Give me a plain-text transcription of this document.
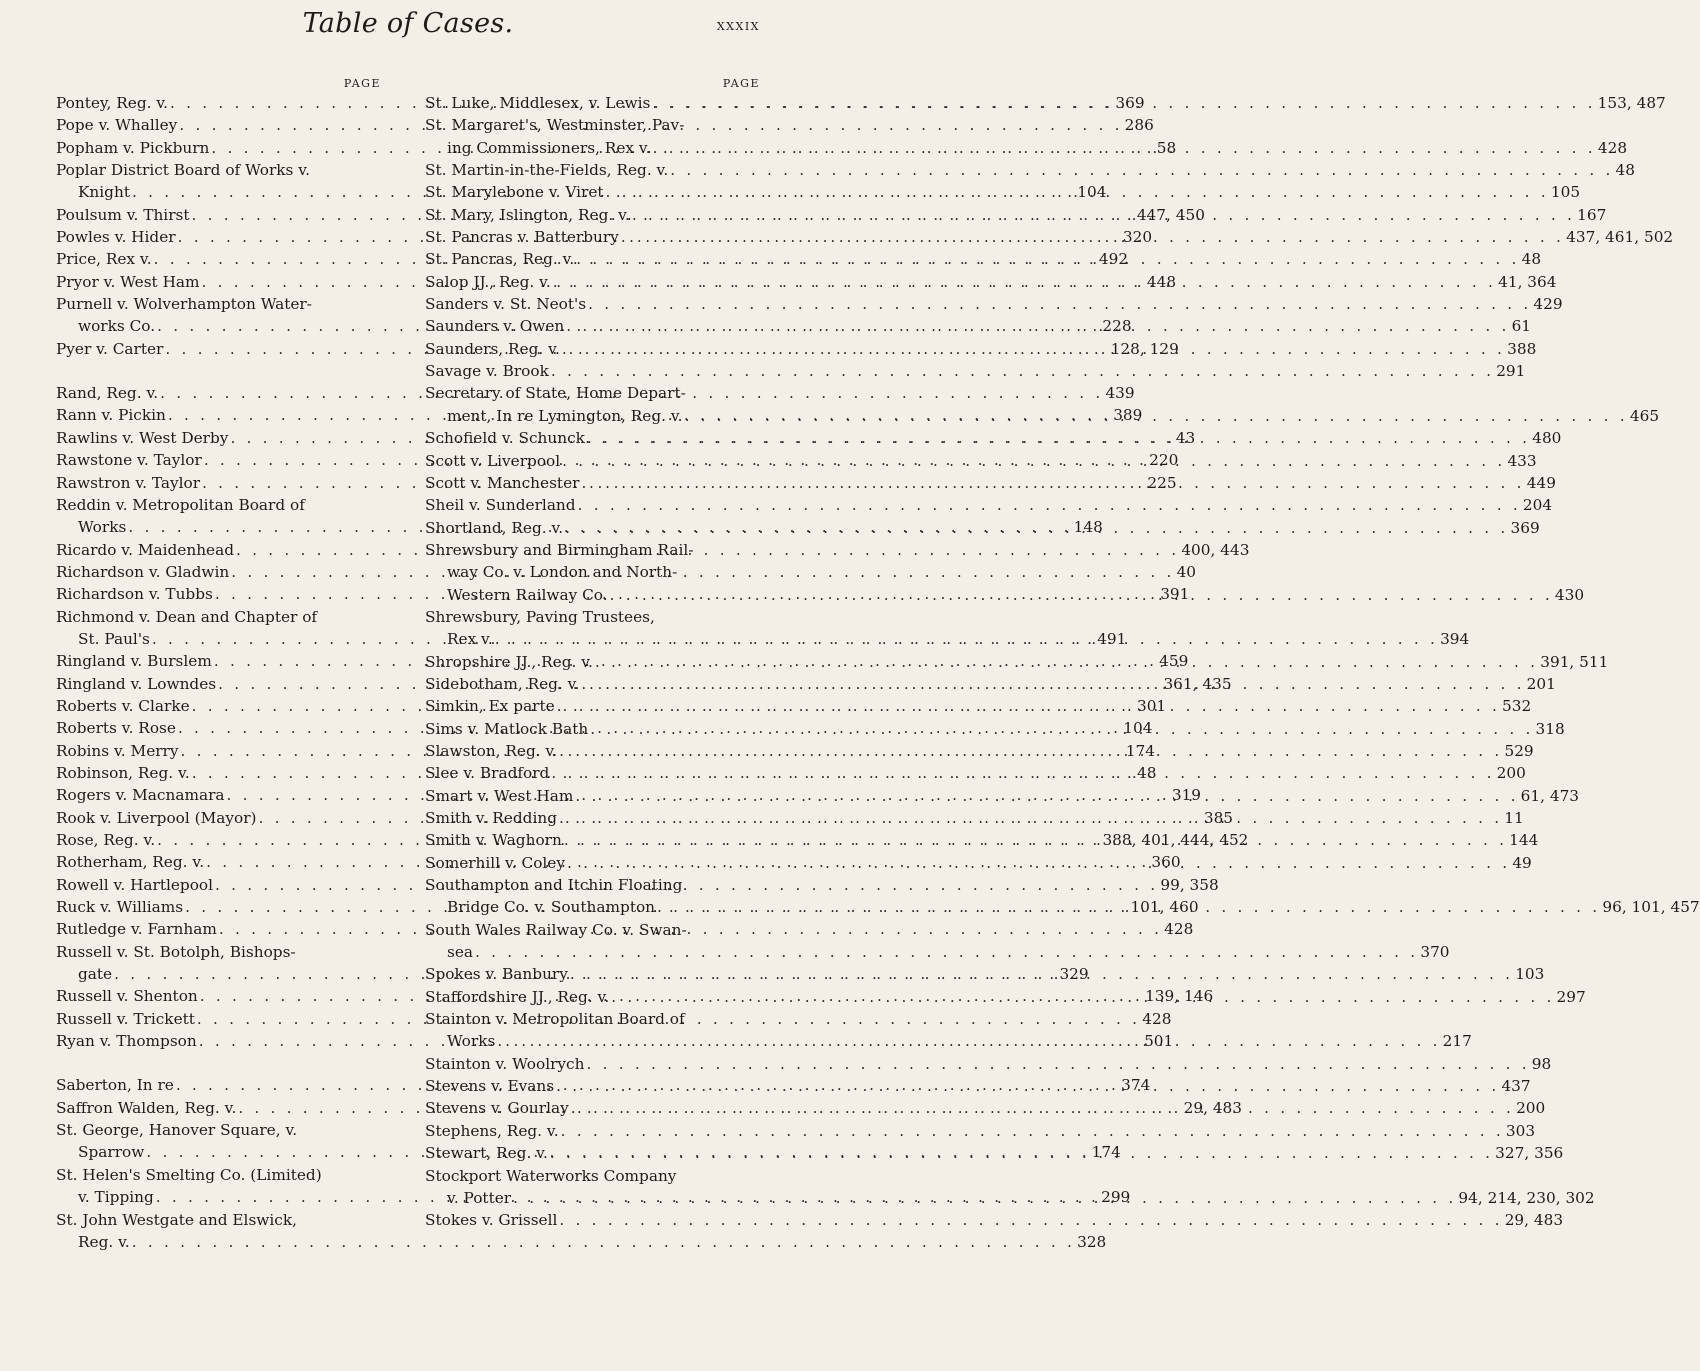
Table of Cases.	xxxix
PAGE
Pontey, Reg. v. . . .	369
Pope v. Whalley . . .	286
Popham v. Pickburn . . .	58
Poplar District Board of Works v.
Knight . . .	104
Poulsum v. Thirst . . .	447, 450
Powles v. Hider . . .	320
Price, Rex v. . . .	492
Pryor v. West Ham . . .	448
Purnell v. Wolverhampton Water-
works Co. . . .	228
Pyer v. Carter . . .	128, 129
Rand, Reg. v. . . .	439
Rann v. Pickin . . .	389
Rawlins v. West Derby . . .	43
Rawstone v. Taylor . . .	220
Rawstron v. Taylor . . .	225
Reddin v. Metropolitan Board of
Works . . .	148
Ricardo v. Maidenhead . . .	400, 443
Richardson v. Gladwin . . .	40
Richardson v. Tubbs . . .	391
Richmond v. Dean and Chapter of
St. Paul's . . .	491
Ringland v. Burslem . . .	459
Ringland v. Lowndes . . .	361, 435
Roberts v. Clarke . . .	301
Roberts v. Rose . . .	104
Robins v. Merry . . .	174
Robinson, Reg. v. . . .	48
Rogers v. Macnamara . . .	319
Rook v. Liverpool (Mayor) . . .	385
Rose, Reg. v. . . .	388, 401, 444, 452
Rotherham, Reg. v. . . .	360
Rowell v. Hartlepool . . .	99, 358
Ruck v. Williams . . .	101, 460
Rutledge v. Farnham . . .	428
Russell v. St. Botolph, Bishops-
gate . . .	329
Russell v. Shenton . . .	139, 146
Russell v. Trickett . . .	428
Ryan v. Thompson . . .	501
Saberton, In re . . .	374
Saffron Walden, Reg. v. . . .	29, 483
St. George, Hanover Square, v.
Sparrow . . .	174
St. Helen's Smelting Co. (Limited)
v. Tipping . . .	299
St. John Westgate and Elswick,
Reg. v. . . .	328
PAGE
St. Luke, Middlesex, v. Lewis . . .	153, 487
St. Margaret's, Westminster, Pav-
ing Commissioners, Rex v. . . .	428
St. Martin-in-the-Fields, Reg. v. . . .	48
St. Marylebone v. Viret . . .	105
St. Mary, Islington, Reg. v. . . .	167
St. Pancras v. Batterbury . . .	437, 461, 502
St. Pancras, Reg. v. . . .	48
Salop JJ., Reg. v. . . .	41, 364
Sanders v. St. Neot's . . .	429
Saunders v. Owen . . .	61
Saunders, Reg. v. . . .	388
Savage v. Brook . . .	291
Secretary of State, Home Depart-
ment, In re Lymington, Reg. v. . . .	465
Schofield v. Schunck . . .	480
Scott v. Liverpool . . .	433
Scott v. Manchester . . .	449
Sheil v. Sunderland . . .	204
Shortland, Reg. v. . . .	369
Shrewsbury and Birmingham Rail-
way Co. v. London and North-
Western Railway Co. . . .	430
Shrewsbury, Paving Trustees,
Rex v. . . .	394
Shropshire JJ., Reg. v. . . .	391, 511
Sidebotham, Reg. v. . . .	201
Simkin, Ex parte . . .	532
Sims v. Matlock Bath . . .	318
Slawston, Reg. v. . . .	529
Slee v. Bradford . . .	200
Smart v. West Ham . . .	61, 473
Smith v. Redding . . .	11
Smith v. Waghorn . . .	144
Somerhill v. Coley . . .	49
Southampton and Itchin Floating
Bridge Co. v. Southampton . . .	96, 101, 457
South Wales Railway Co. v. Swan-
sea . . .	370
Spokes v. Banbury . . .	103
Staffordshire JJ., Reg. v. . . .	297
Stainton v. Metropolitan Board of
Works . . .	217
Stainton v. Woolrych . . .	98
Stevens v. Evans . . .	437
Stevens v. Gourlay . . .	200
Stephens, Reg. v. . . .	303
Stewart, Reg. v. . . .	327, 356
Stockport Waterworks Company
v. Potter . . .	94, 214, 230, 302
Stokes v. Grissell . . .	29, 483
